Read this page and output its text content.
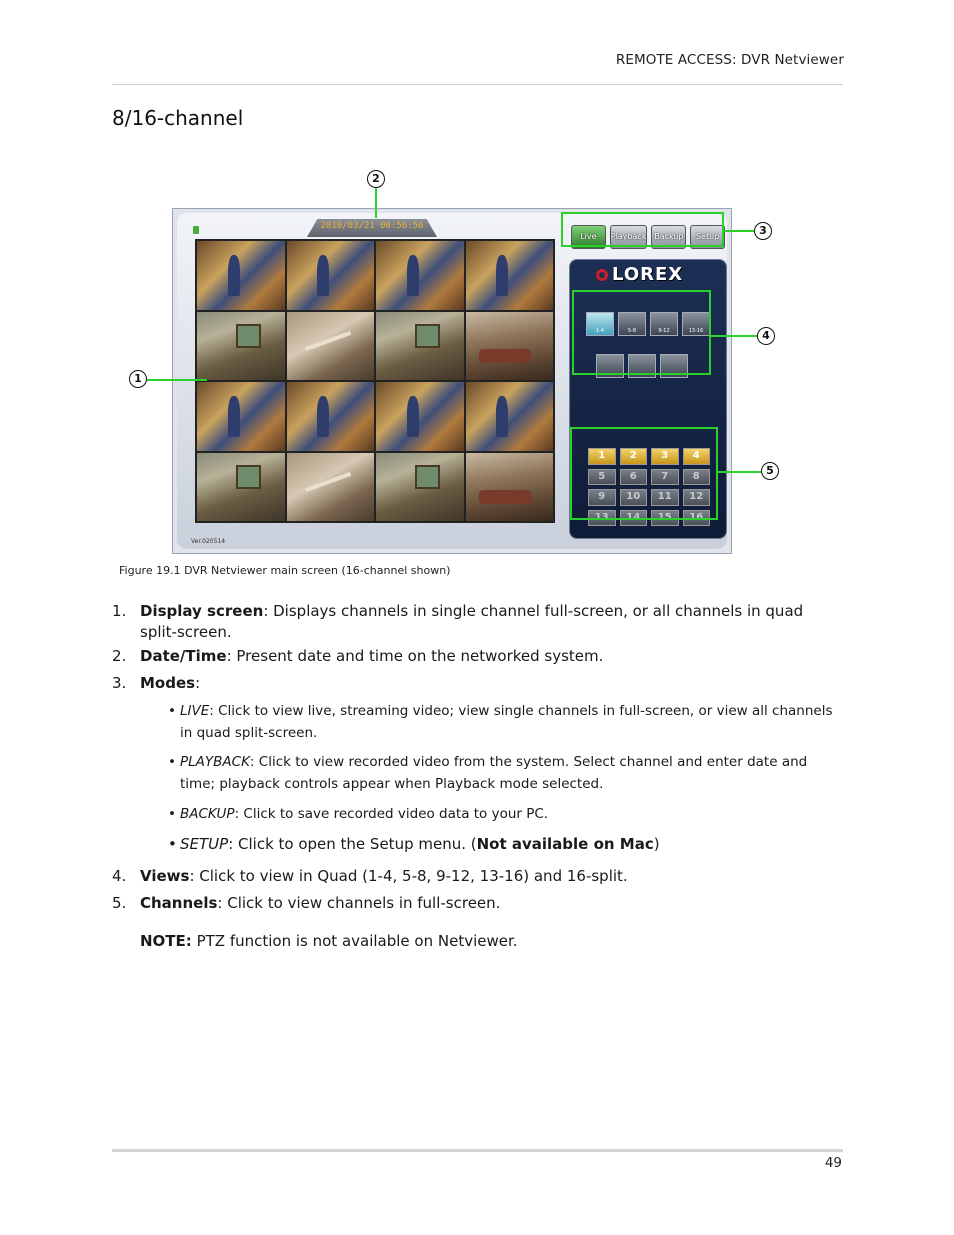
REMOTE ACCESS: DVR Netviewer
8/16-channel
2010/03/21 00:56:56
Ver.020514
Live	Playback Backup	Setup
LOREX
1-4	5-8	9-12	13-16
1	2	3	4
5	6	7	8
9	10	11	12
13	14	15	16
1
2
3
4
5
Figure 19.1 DVR Netviewer main screen (16-channel shown)
1. Display screen: Displays channels in single channel full-screen, or all channels in quad split-screen.
2. Date/Time: Present date and time on the networked system.
3. Modes:
• LIVE: Click to view live, streaming video; view single channels in full-screen, or view all channels in quad split-screen.
• PLAYBACK: Click to view recorded video from the system. Select channel and enter date and time; playback controls appear when Playback mode selected.
• BACKUP: Click to save recorded video data to your PC.
• SETUP: Click to open the Setup menu. (Not available on Mac)
4. Views: Click to view in Quad (1-4, 5-8, 9-12, 13-16) and 16-split.
5. Channels: Click to view channels in full-screen.
NOTE: PTZ function is not available on Netviewer.
49
